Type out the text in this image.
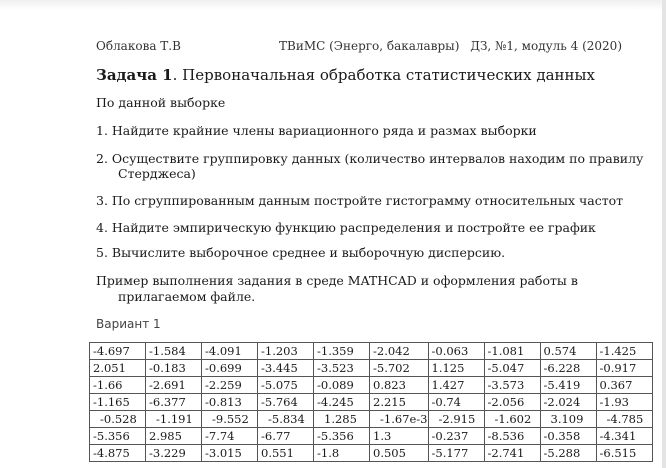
Облакова Т.В	ТВиМС (Энерго, бакалавры) ДЗ, №1, модуль 4 (2020)
Задача 1. Первоначальная обработка статистических данных
По данной выборке
1. Найдите крайние члены вариационного ряда и размах выборки
2. Осуществите группировку данных (количество интервалов находим по правилу
Стерджеса)
3. По сгруппированным данным постройте гистограмму относительных частот
4. Найдите эмпирическую функцию распределения и постройте ее график
5. Вычислите выборочное среднее и выборочную дисперсию.
Пример выполнения задания в среде MATHCAD и оформления работы в
прилагаемом файле.
Вариант 1
-4.697	-1.584	-4.091	-1.203	-1.359	-2.042	-0.063	-1.081	0.574	-1.425
2.051	-0.183	-0.699	-3.445	-3.523	-5.702	1.125	-5.047	-6.228	-0.917
-1.66	-2.691	-2.259	-5.075	-0.089	0.823	1.427	-3.573	-5.419	0.367
-1.165	-6.377	-0.813	-5.764	-4.245	2.215	-0.74	-2.056	-2.024	-1.93
-0.528	-1.191	-9.552	-5.834	1.285	-1.67e-3	-2.915	-1.602	3.109	-4.785
-5.356	2.985	-7.74	-6.77	-5.356	1.3	-0.237	-8.536	-0.358	-4.341
-4.875	-3.229	-3.015	0.551	-1.8	0.505	-5.177	-2.741	-5.288	-6.515
